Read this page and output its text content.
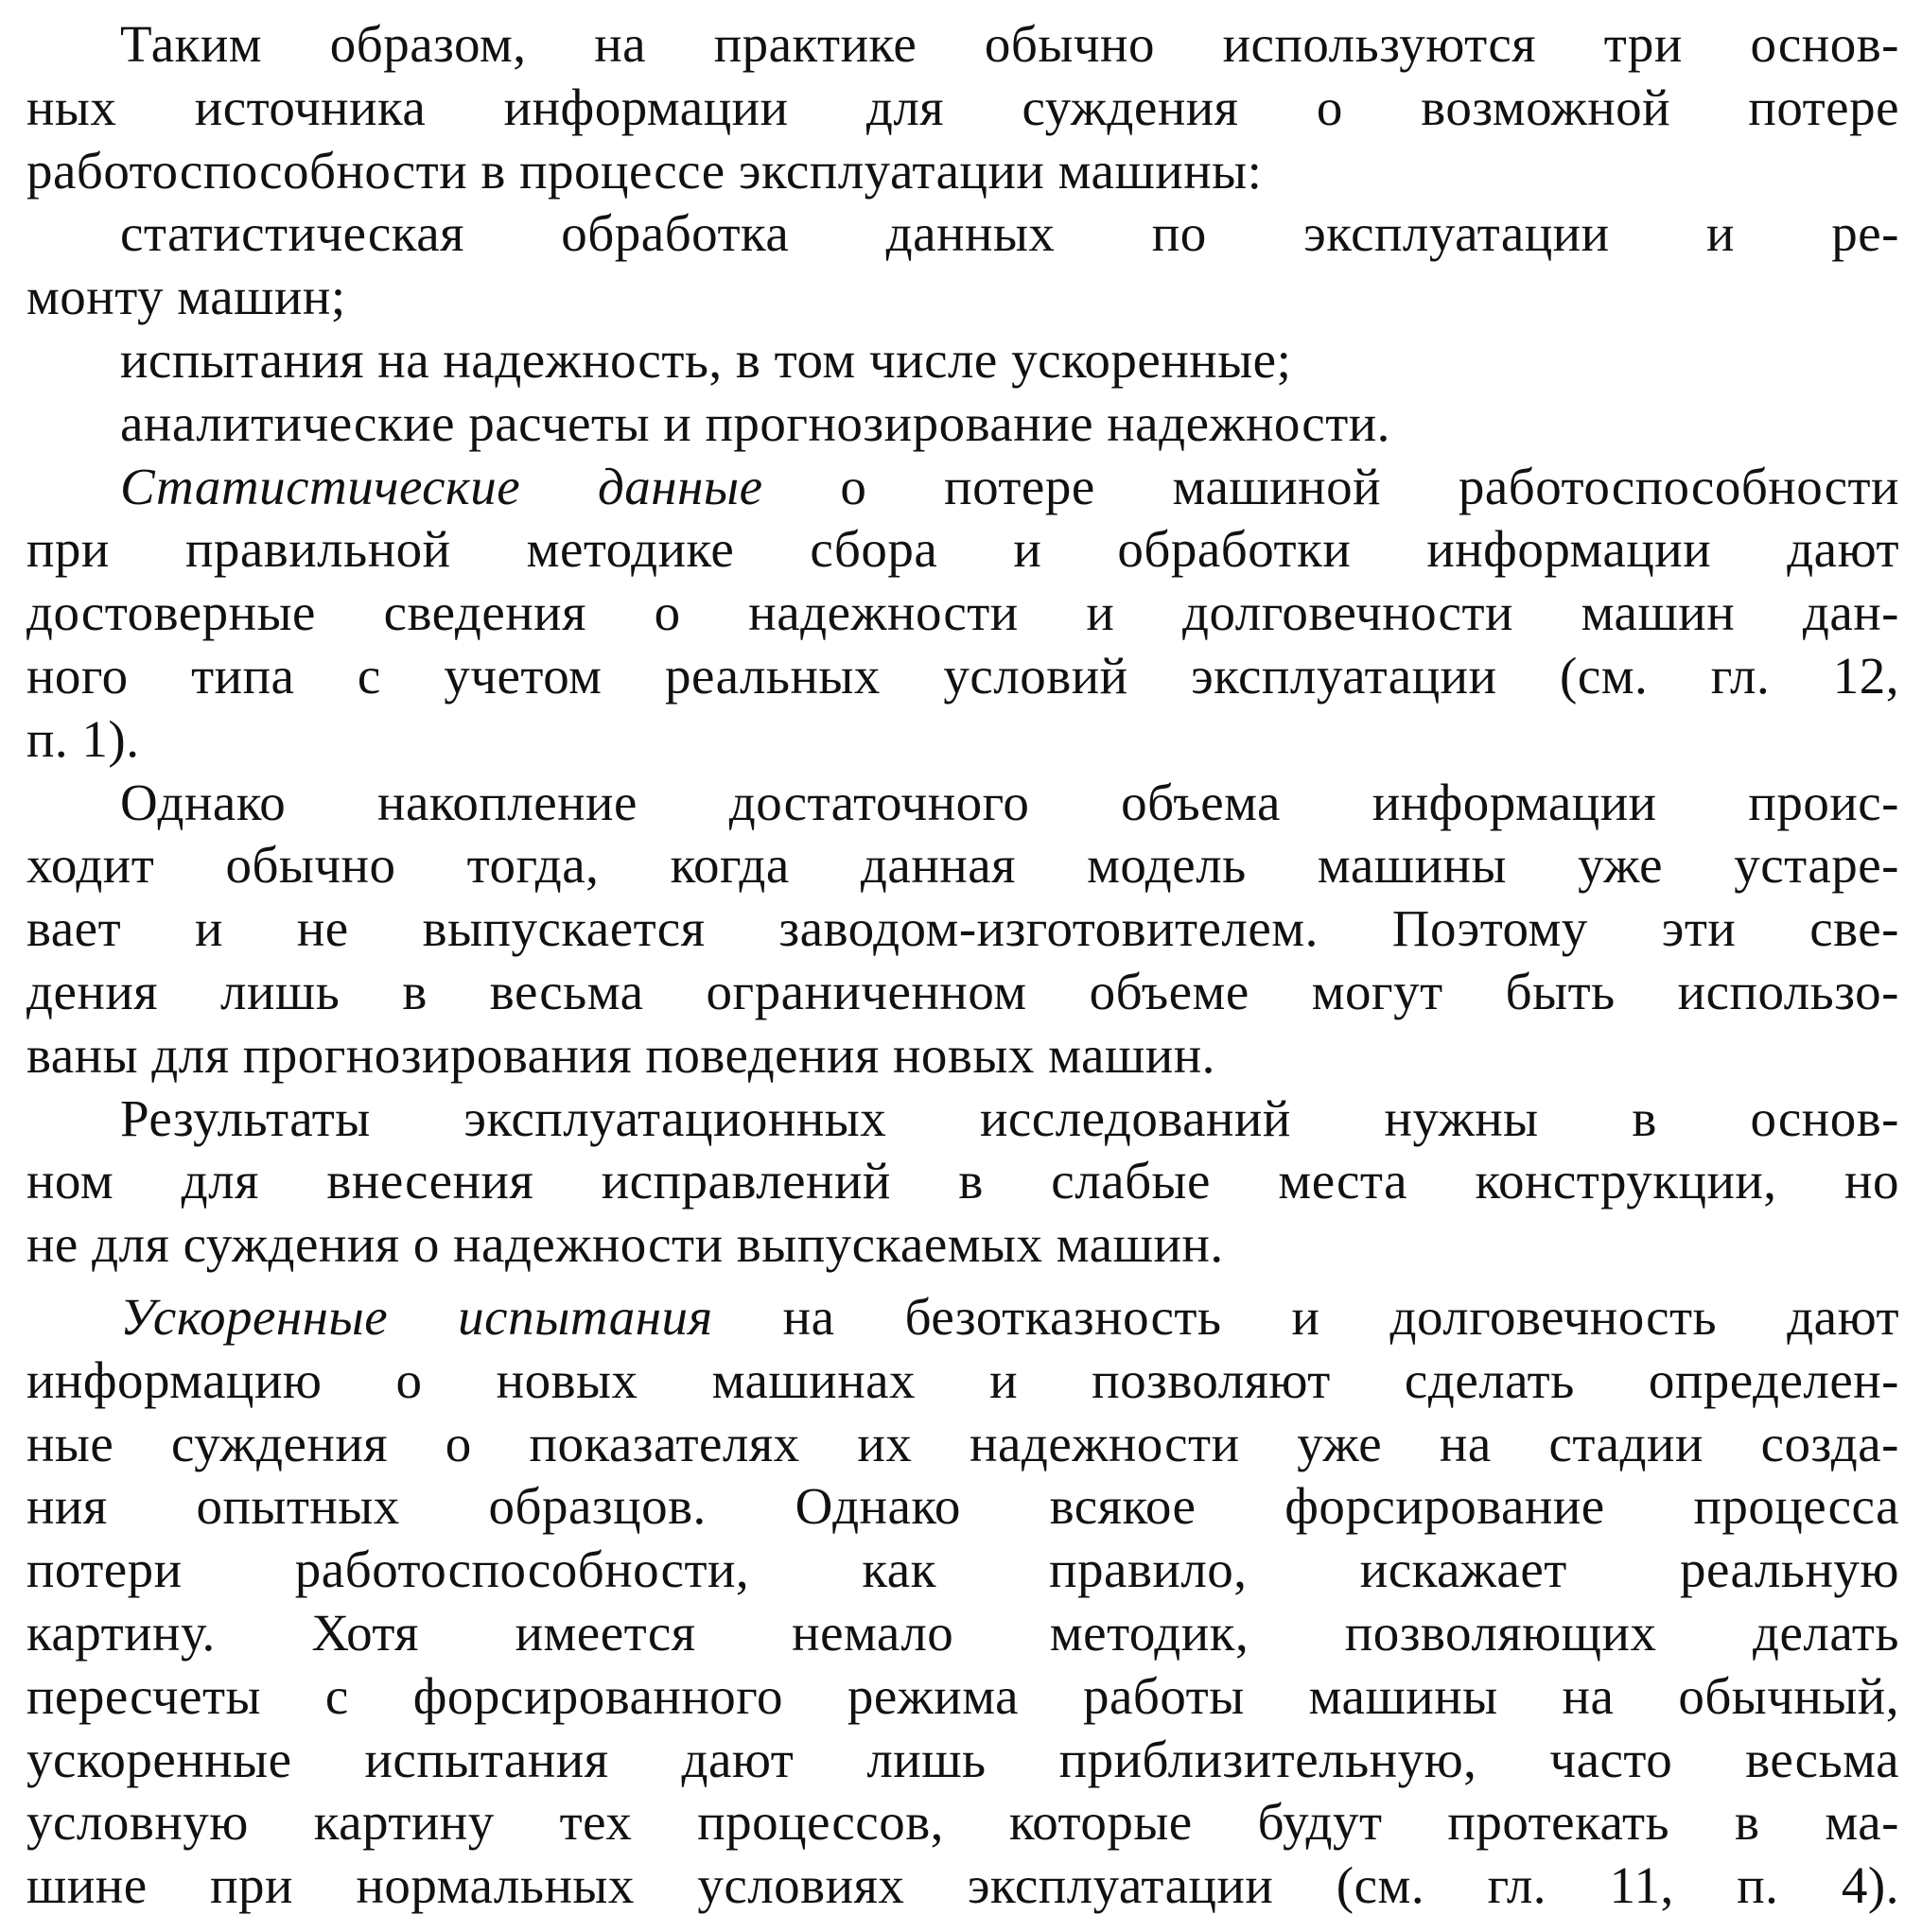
Таким образом, на практике обычно используются три основ-
ных источника информации для суждения о возможной потере
работоспособности в процессе эксплуатации машины:
статистическая обработка данных по эксплуатации и ре-
монту машин;
испытания на надежность, в том числе ускоренные;
аналитические расчеты и прогнозирование надежности.
Статистические данные о потере машиной работоспособности
при правильной методике сбора и обработки информации дают
достоверные сведения о надежности и долговечности машин дан-
ного типа с учетом реальных условий эксплуатации (см. гл. 12,
п. 1).
Однако накопление достаточного объема информации проис-
ходит обычно тогда, когда данная модель машины уже устаре-
вает и не выпускается заводом-изготовителем. Поэтому эти све-
дения лишь в весьма ограниченном объеме могут быть использо-
ваны для прогнозирования поведения новых машин.
Результаты эксплуатационных исследований нужны в основ-
ном для внесения исправлений в слабые места конструкции, но
не для суждения о надежности выпускаемых машин.
Ускоренные испытания на безотказность и долговечность дают
информацию о новых машинах и позволяют сделать определен-
ные суждения о показателях их надежности уже на стадии созда-
ния опытных образцов. Однако всякое форсирование процесса
потери работоспособности, как правило, искажает реальную
картину. Хотя имеется немало методик, позволяющих делать
пересчеты с форсированного режима работы машины на обычный,
ускоренные испытания дают лишь приблизительную, часто весьма
условную картину тех процессов, которые будут протекать в ма-
шине при нормальных условиях эксплуатации (см. гл. 11, п. 4).
